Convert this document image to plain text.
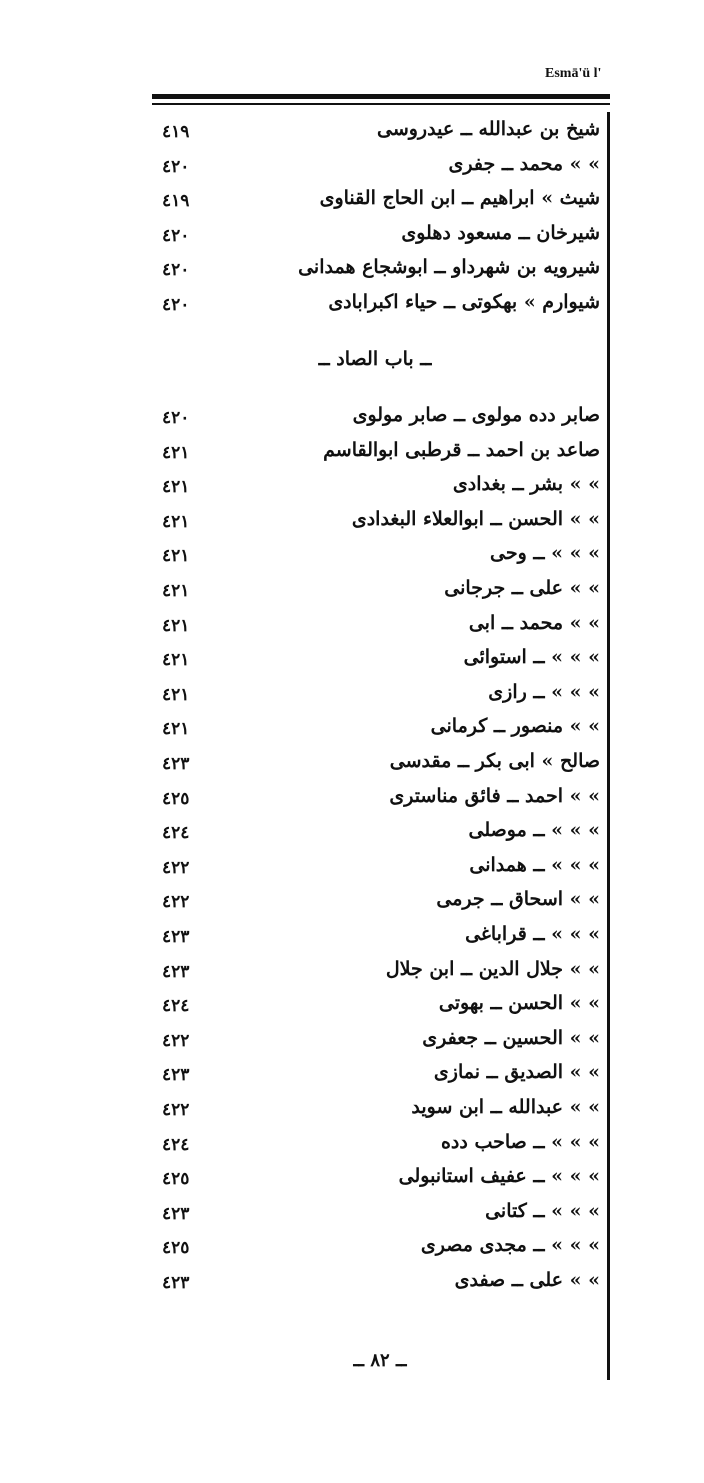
Esmā'ü l'
٤١٩	شيخ بن عبدالله ــ عيدروسى
٤٢٠	» » محمد ــ جفرى
٤١٩	شيث » ابراهيم ــ ابن الحاج القناوى
٤٢٠	شيرخان ــ مسعود دهلوى
٤٢٠	شيرويه بن شهرداو ــ ابوشجاع همدانى
٤٢٠	شيوارم » بهكوتى ــ حياء اكبرابادى
ــ باب الصاد ــ
٤٢٠	صابر دده مولوى ــ صابر مولوى
٤٢١	صاعد بن احمد ــ قرطبى ابوالقاسم
٤٢١	» » بشر ــ بغدادى
٤٢١	» » الحسن ــ ابوالعلاء البغدادى
٤٢١	» » » ــ وحى
٤٢١	» » على ــ جرجانى
٤٢١	» » محمد ــ ابى
٤٢١	» » » ــ استوائى
٤٢١	» » » ــ رازى
٤٢١	» » منصور ــ كرمانى
٤٢٣	صالح » ابى بكر ــ مقدسى
٤٢٥	» » احمد ــ فائق مناسترى
٤٢٤	» » » ــ موصلى
٤٢٢	» » » ــ همدانى
٤٢٢	» » اسحاق ــ جرمى
٤٢٣	» » » ــ قراباغى
٤٢٣	» » جلال الدين ــ ابن جلال
٤٢٤	» » الحسن ــ بهوتى
٤٢٢	» » الحسين ــ جعفرى
٤٢٣	» » الصديق ــ نمازى
٤٢٢	» » عبدالله ــ ابن سويد
٤٢٤	» » » ــ صاحب دده
٤٢٥	» » » ــ عفيف استانبولى
٤٢٣	» » » ــ كتانى
٤٢٥	» » » ــ مجدى مصرى
٤٢٣	» » على ــ صفدى
ــ ۸۲ ــ
